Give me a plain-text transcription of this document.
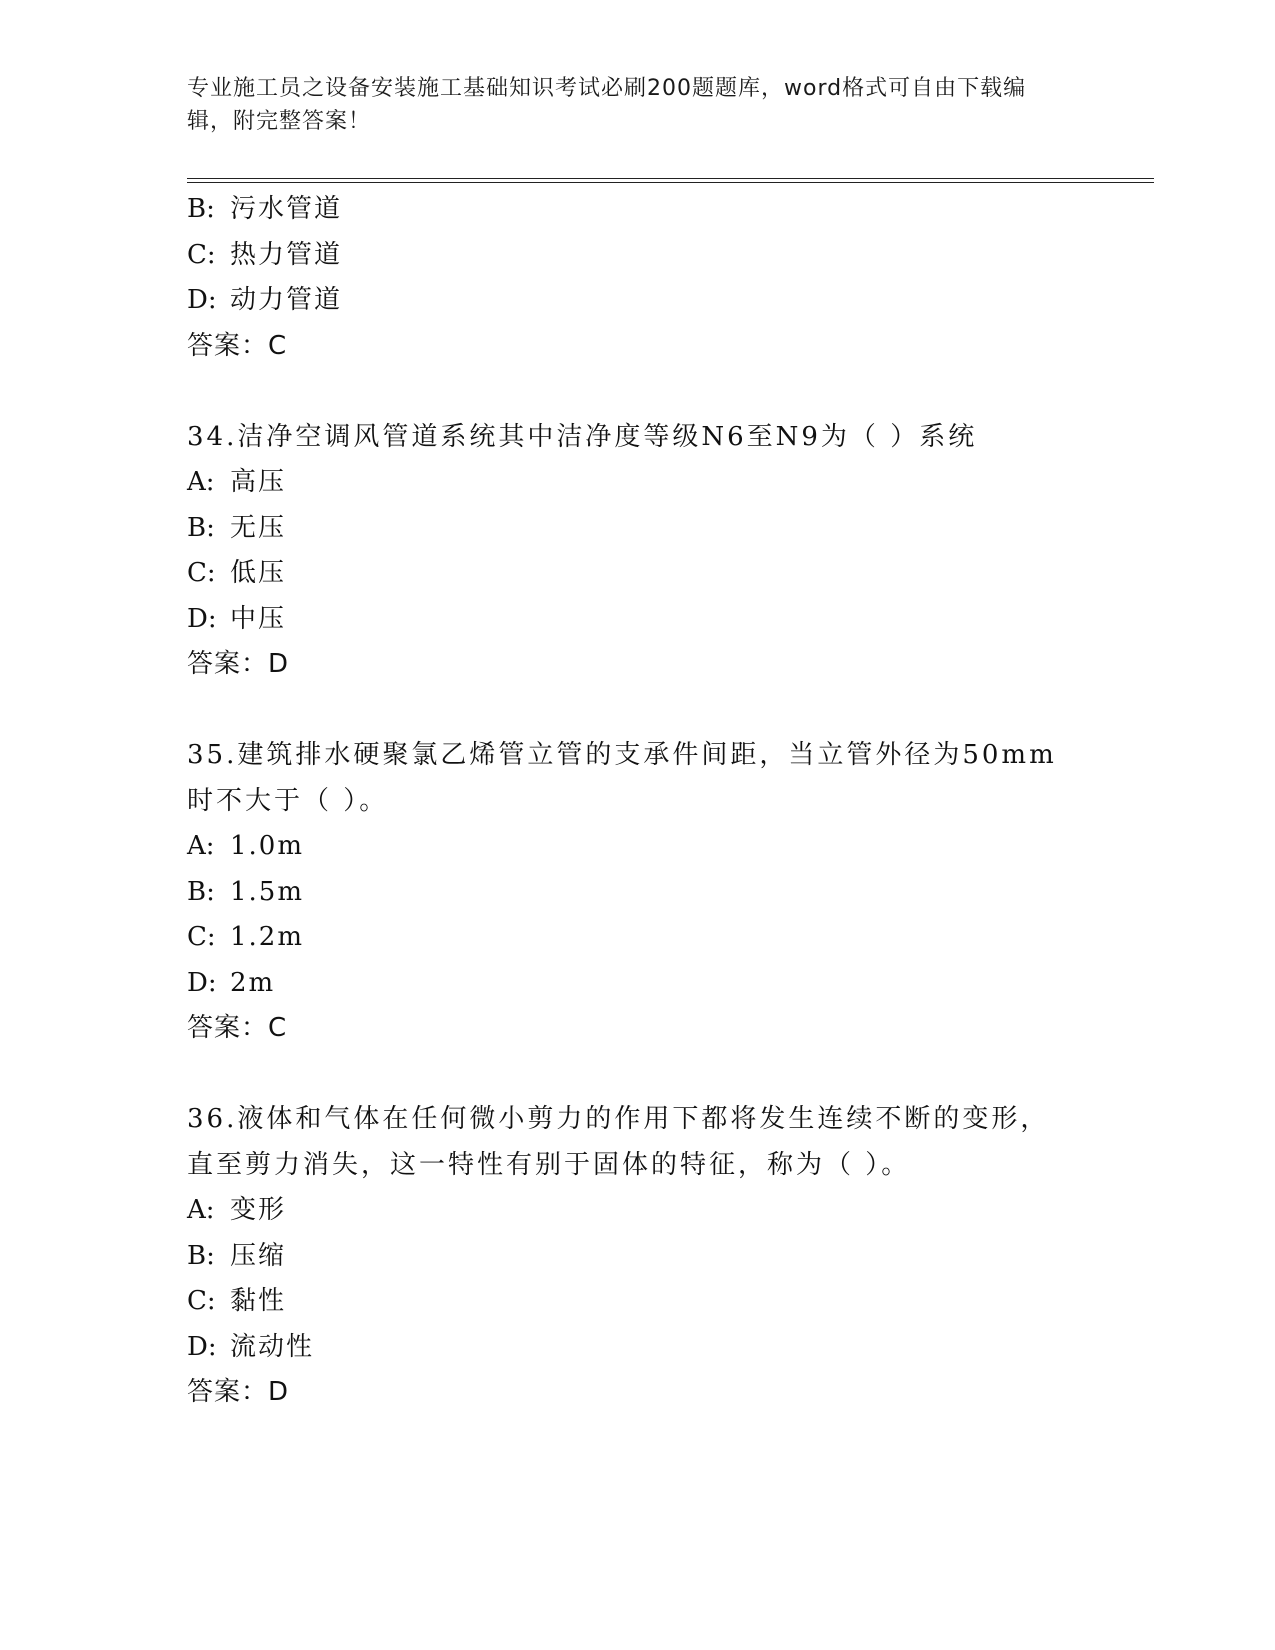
专业施工员之设备安装施工基础知识考试必刷200题题库，word格式可自由下载编辑，附完整答案！
B: 污水管道
C: 热力管道
D: 动力管道
答案：C
34.洁净空调风管道系统其中洁净度等级N6至N9为（ ）系统
A: 高压
B: 无压
C: 低压
D: 中压
答案：D
35.建筑排水硬聚氯乙烯管立管的支承件间距，当立管外径为50mm时不大于（ ）。
A: 1.0m
B: 1.5m
C: 1.2m
D: 2m
答案：C
36.液体和气体在任何微小剪力的作用下都将发生连续不断的变形，直至剪力消失，这一特性有别于固体的特征，称为（ ）。
A: 变形
B: 压缩
C: 黏性
D: 流动性
答案：D
